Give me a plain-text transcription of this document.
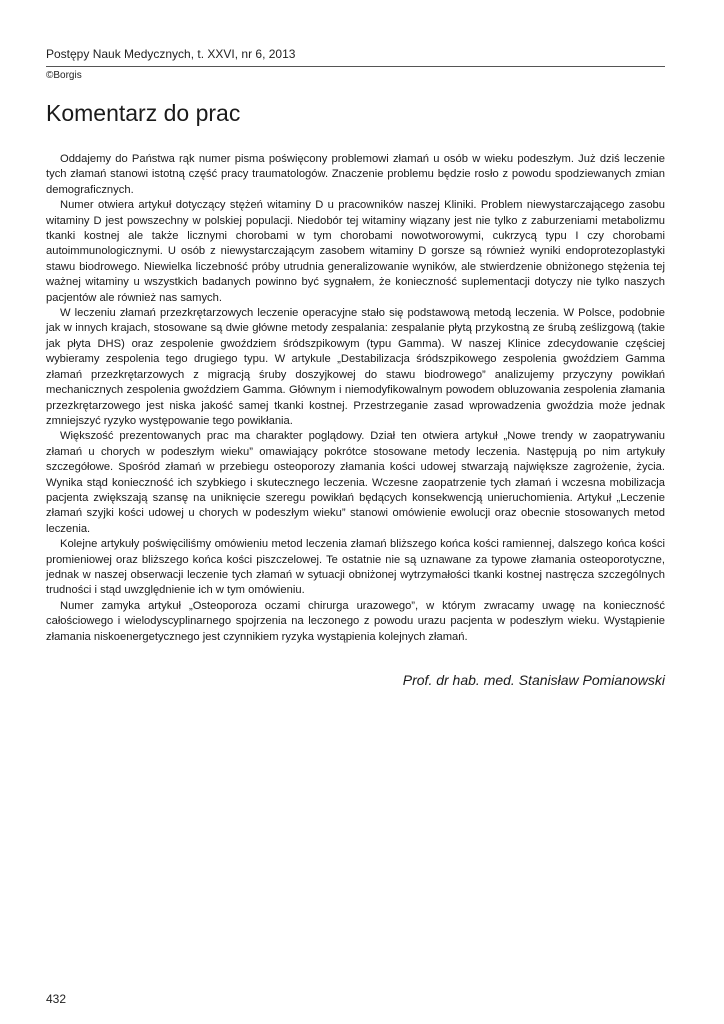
Postępy Nauk Medycznych, t. XXVI, nr 6, 2013
©Borgis
Komentarz do prac

Oddajemy do Państwa rąk numer pisma poświęcony problemowi złamań u osób w wieku podeszłym. Już dziś leczenie tych złamań stanowi istotną część pracy traumatologów. Znaczenie problemu będzie rosło z powodu spodziewanych zmian demograficznych.

Numer otwiera artykuł dotyczący stężeń witaminy D u pracowników naszej Kliniki. Problem niewystarczającego zasobu witaminy D jest powszechny w polskiej populacji. Niedobór tej witaminy wiązany jest nie tylko z zaburzeniami metabolizmu tkanki kostnej ale także licznymi chorobami w tym chorobami nowotworowymi, cukrzycą typu I czy chorobami autoimmunologicznymi. U osób z niewystarczającym zasobem witaminy D gorsze są również wyniki endoprotezoplastyki stawu biodrowego. Niewielka liczebność próby utrudnia generalizowanie wyników, ale stwierdzenie obniżonego stężenia tej ważnej witaminy u wszystkich badanych powinno być sygnałem, że konieczność suplementacji dotyczy nie tylko naszych pacjentów ale również nas samych.

W leczeniu złamań przezkrętarzowych leczenie operacyjne stało się podstawową metodą leczenia. W Polsce, podobnie jak w innych krajach, stosowane są dwie główne metody zespalania: zespalanie płytą przykostną ze śrubą ześlizgową (takie jak płyta DHS) oraz zespolenie gwoździem śródszpikowym (typu Gamma). W naszej Klinice zdecydowanie częściej wybieramy zespolenia tego drugiego typu. W artykule „Destabilizacja śródszpikowego zespolenia gwoździem Gamma złamań przezkrętarzowych z migracją śruby doszyjkowej do stawu biodrowego” analizujemy przyczyny powikłań mechanicznych zespolenia gwoździem Gamma. Głównym i niemodyfikowalnym powodem obluzowania zespolenia złamania przezkrętarzowego jest niska jakość samej tkanki kostnej. Przestrzeganie zasad wprowadzenia gwoździa może jednak zmniejszyć ryzyko występowanie tego powikłania.

Większość prezentowanych prac ma charakter poglądowy. Dział ten otwiera artykuł „Nowe trendy w zaopatrywaniu złamań u chorych w podeszłym wieku” omawiający pokrótce stosowane metody leczenia. Następują po nim artykuły szczegółowe. Spośród złamań w przebiegu osteoporozy złamania kości udowej stwarzają największe zagrożenie, życia. Wynika stąd konieczność ich szybkiego i skutecznego leczenia. Wczesne zaopatrzenie tych złamań i wczesna mobilizacja pacjenta zwiększają szansę na uniknięcie szeregu powikłań będących konsekwencją unieruchomienia. Artykuł „Leczenie złamań szyjki kości udowej u chorych w podeszłym wieku” stanowi omówienie ewolucji oraz obecnie stosowanych metod leczenia.

Kolejne artykuły poświęciliśmy omówieniu metod leczenia złamań bliższego końca kości ramiennej, dalszego końca kości promieniowej oraz bliższego końca kości piszczelowej. Te ostatnie nie są uznawane za typowe złamania osteoporotyczne, jednak w naszej obserwacji leczenie tych złamań w sytuacji obniżonej wytrzymałości tkanki kostnej nastręcza szczególnych trudności i stąd uwzględnienie ich w tym omówieniu.

Numer zamyka artykuł „Osteoporoza oczami chirurga urazowego”, w którym zwracamy uwagę na konieczność całościowego i wielodyscyplinarnego spojrzenia na leczonego z powodu urazu pacjenta w podeszłym wieku. Wystąpienie złamania niskoenergetycznego jest czynnikiem ryzyka wystąpienia kolejnych złamań.

Prof. dr hab. med. Stanisław Pomianowski
432
